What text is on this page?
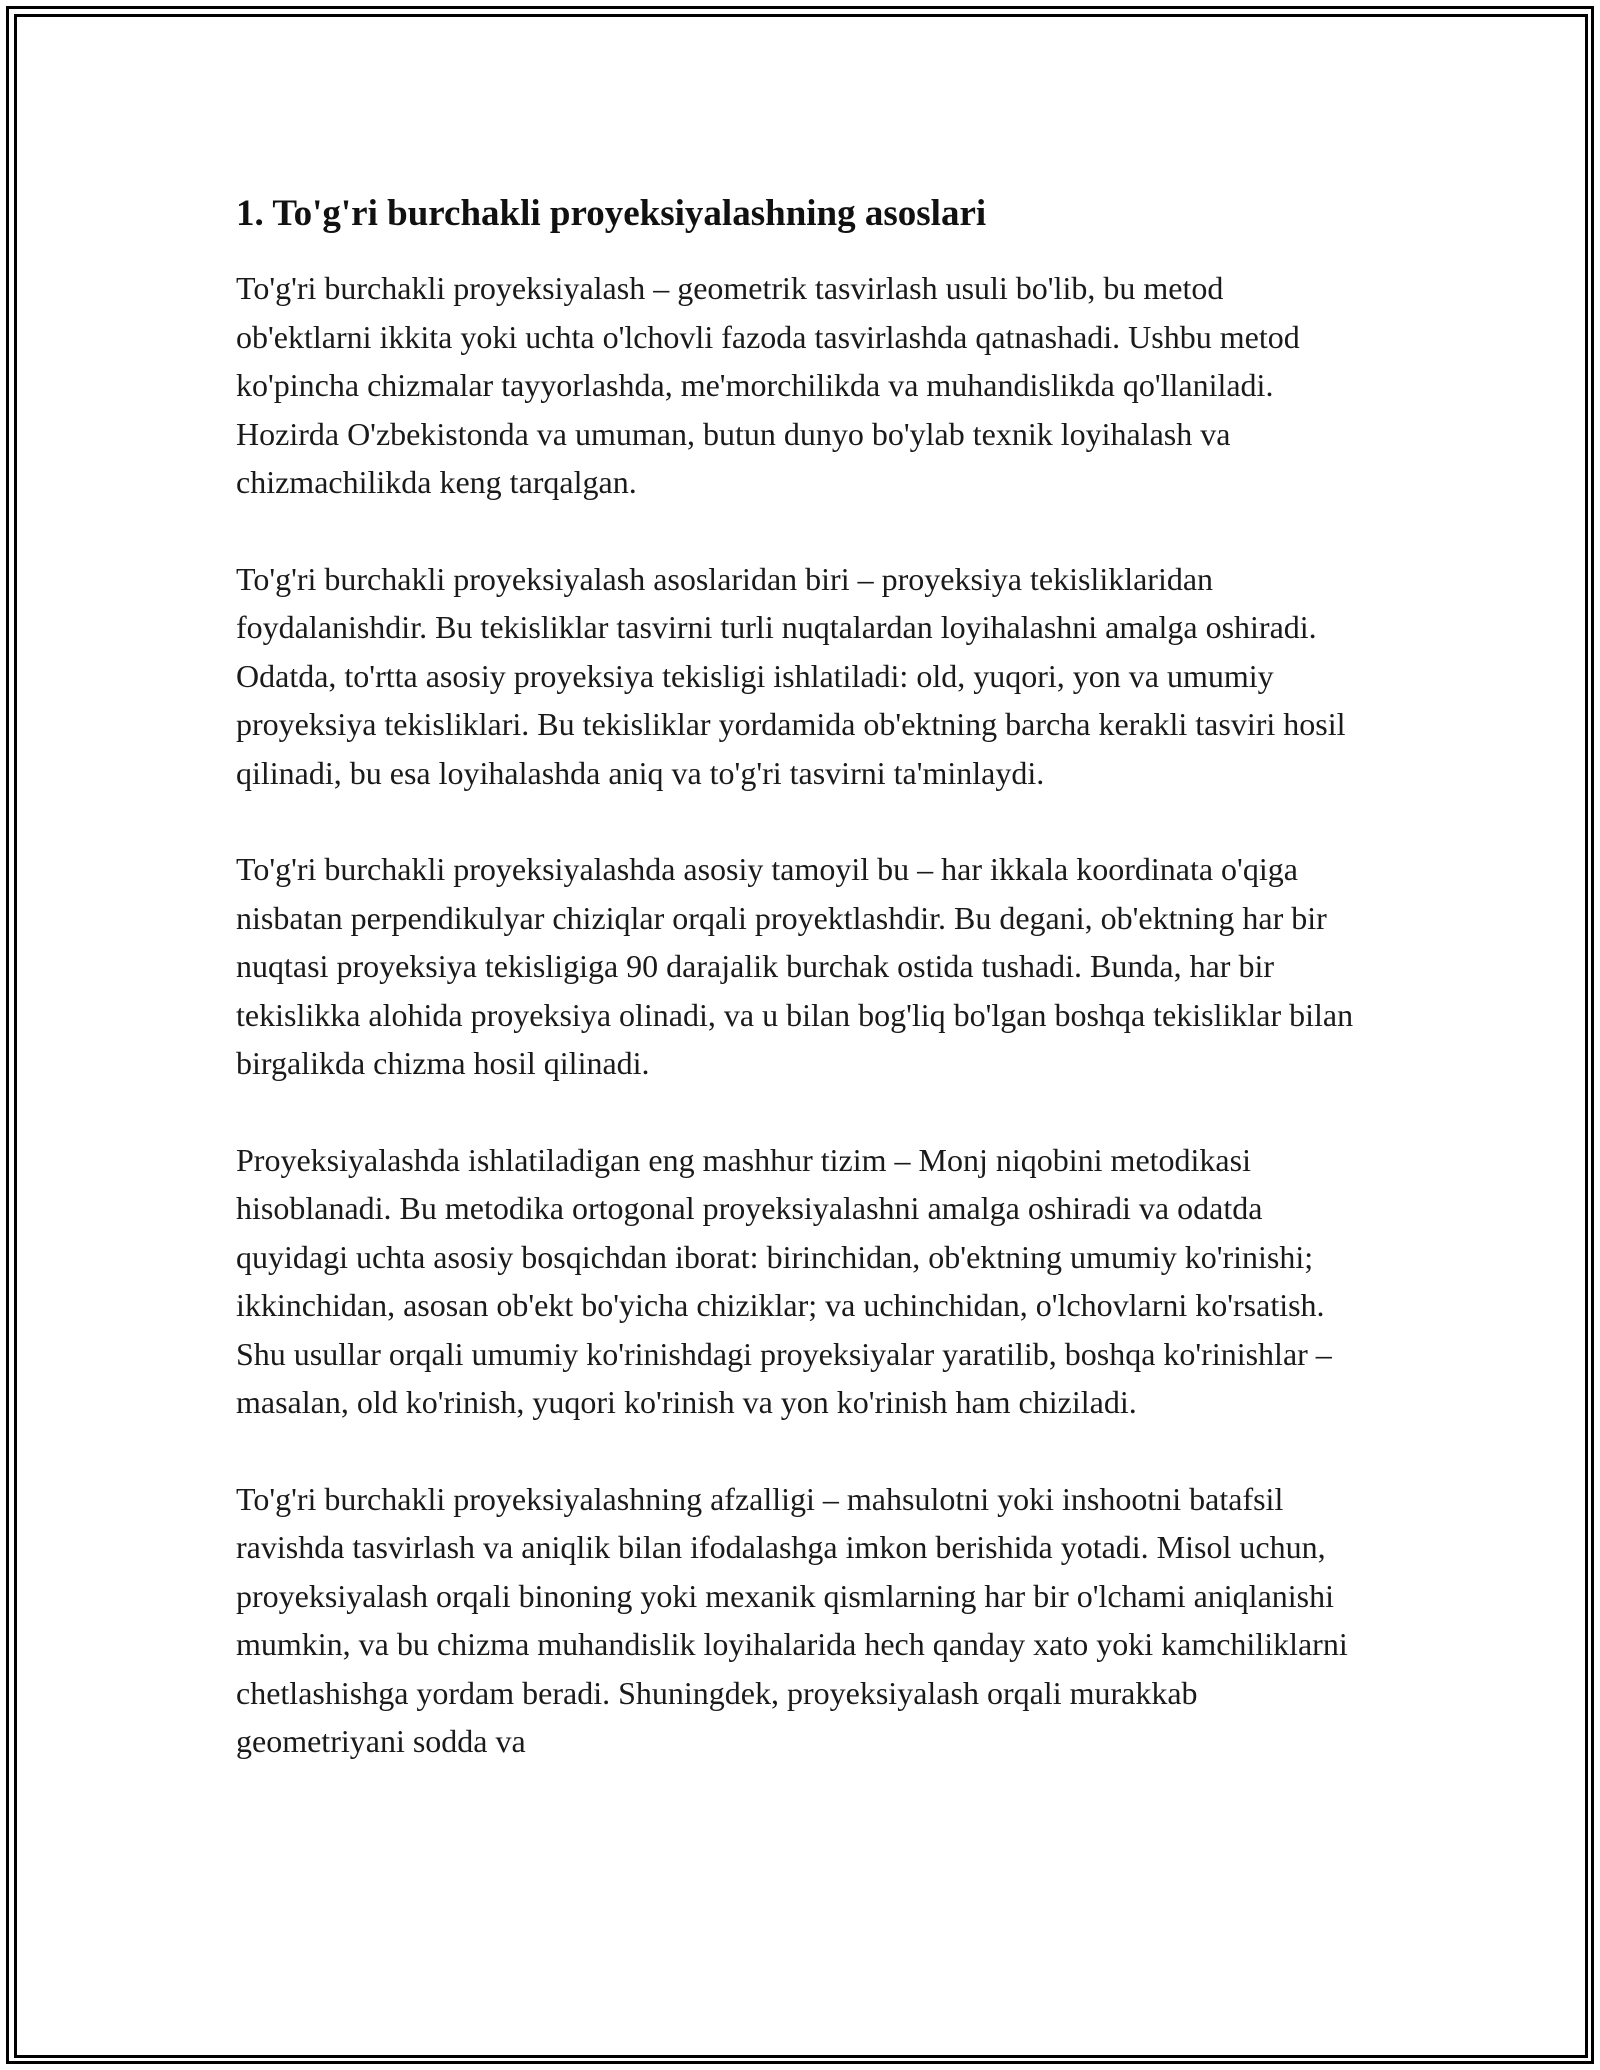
1. To'g'ri burchakli proyeksiyalashning asoslari

To'g'ri burchakli proyeksiyalash – geometrik tasvirlash usuli bo'lib, bu metod ob'ektlarni ikkita yoki uchta o'lchovli fazoda tasvirlashda qatnashadi. Ushbu metod ko'pincha chizmalar tayyorlashda, me'morchilikda va muhandislikda qo'llaniladi. Hozirda O'zbekistonda va umuman, butun dunyo bo'ylab texnik loyihalash va chizmachilikda keng tarqalgan.

To'g'ri burchakli proyeksiyalash asoslaridan biri – proyeksiya tekisliklaridan foydalanishdir. Bu tekisliklar tasvirni turli nuqtalardan loyihalashni amalga oshiradi. Odatda, to'rtta asosiy proyeksiya tekisligi ishlatiladi: old, yuqori, yon va umumiy proyeksiya tekisliklari. Bu tekisliklar yordamida ob'ektning barcha kerakli tasviri hosil qilinadi, bu esa loyihalashda aniq va to'g'ri tasvirni ta'minlaydi.

To'g'ri burchakli proyeksiyalashda asosiy tamoyil bu – har ikkala koordinata o'qiga nisbatan perpendikulyar chiziqlar orqali proyektlashdir. Bu degani, ob'ektning har bir nuqtasi proyeksiya tekisligiga 90 darajalik burchak ostida tushadi. Bunda, har bir tekislikka alohida proyeksiya olinadi, va u bilan bog'liq bo'lgan boshqa tekisliklar bilan birgalikda chizma hosil qilinadi.

Proyeksiyalashda ishlatiladigan eng mashhur tizim – Monj niqobini metodikasi hisoblanadi. Bu metodika ortogonal proyeksiyalashni amalga oshiradi va odatda quyidagi uchta asosiy bosqichdan iborat: birinchidan, ob'ektning umumiy ko'rinishi; ikkinchidan, asosan ob'ekt bo'yicha chiziklar; va uchinchidan, o'lchovlarni ko'rsatish. Shu usullar orqali umumiy ko'rinishdagi proyeksiyalar yaratilib, boshqa ko'rinishlar – masalan, old ko'rinish, yuqori ko'rinish va yon ko'rinish ham chiziladi.

To'g'ri burchakli proyeksiyalashning afzalligi – mahsulotni yoki inshootni batafsil ravishda tasvirlash va aniqlik bilan ifodalashga imkon berishida yotadi. Misol uchun, proyeksiyalash orqali binoning yoki mexanik qismlarning har bir o'lchami aniqlanishi mumkin, va bu chizma muhandislik loyihalarida hech qanday xato yoki kamchiliklarni chetlashishga yordam beradi. Shuningdek, proyeksiyalash orqali murakkab geometriyani sodda va
